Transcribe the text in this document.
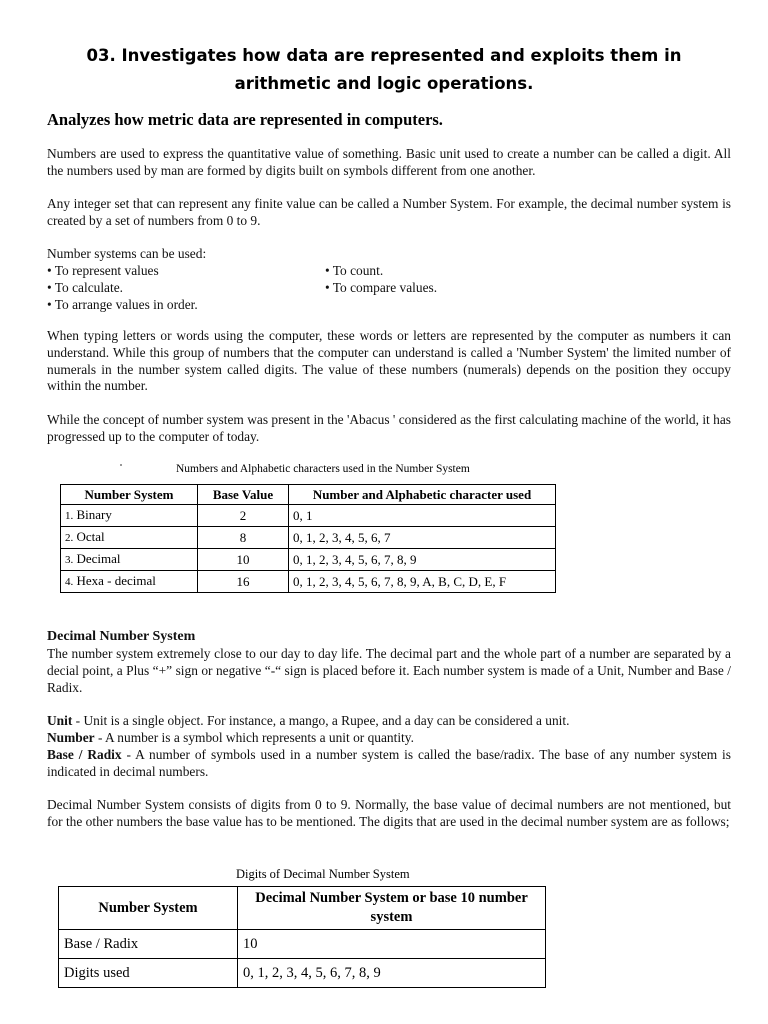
03. Investigates how data are represented and exploits them in arithmetic and logic operations.
Analyzes how metric data are represented in computers.

Numbers are used to express the quantitative value of something. Basic unit used to create a number can be called a digit. All the numbers used by man are formed by digits built on symbols different from one another.

Any integer set that can represent any finite value can be called a Number System. For example, the decimal number system is created by a set of numbers from 0 to 9.

Number systems can be used:

• To represent values	• To count.

• To calculate.	• To compare values.

• To arrange values in order.

When typing letters or words using the computer, these words or letters are represented by the computer as numbers it can understand. While this group of numbers that the computer can understand is called a 'Number System' the limited number of numerals in the number system called digits. The value of these numbers (numerals) depends on the position they occupy within the number.

While the concept of number system was present in the 'Abacus ' considered as the first calculating machine of the world, it has progressed up to the computer of today.

Numbers and Alphabetic characters used in the Number System

Number System	Base Value	Number and Alphabetic character used
1. Binary	2	0, 1
2. Octal	8	0, 1, 2, 3, 4, 5, 6, 7
3. Decimal	10	0, 1, 2, 3, 4, 5, 6, 7, 8, 9
4. Hexa - decimal	16	0, 1, 2, 3, 4, 5, 6, 7, 8, 9, A, B, C, D, E, F
Decimal Number System

The number system extremely close to our day to day life. The decimal part and the whole part of a number are separated by a decial point, a Plus “+” sign or negative “-“ sign is placed before it. Each number system is made of a Unit, Number and Base / Radix.

Unit - Unit is a single object. For instance, a mango, a Rupee, and a day can be considered a unit.

Number - A number is a symbol which represents a unit or quantity.

Base / Radix - A number of symbols used in a number system is called the base/radix. The base of any number system is indicated in decimal numbers.

Decimal Number System consists of digits from 0 to 9. Normally, the base value of decimal numbers are not mentioned, but for the other numbers the base value has to be mentioned. The digits that are used in the decimal number system are as follows;

Digits of Decimal Number System

Number System	Decimal Number System or base 10 number system
Base / Radix	10
Digits used	0, 1, 2, 3, 4, 5, 6, 7, 8, 9
